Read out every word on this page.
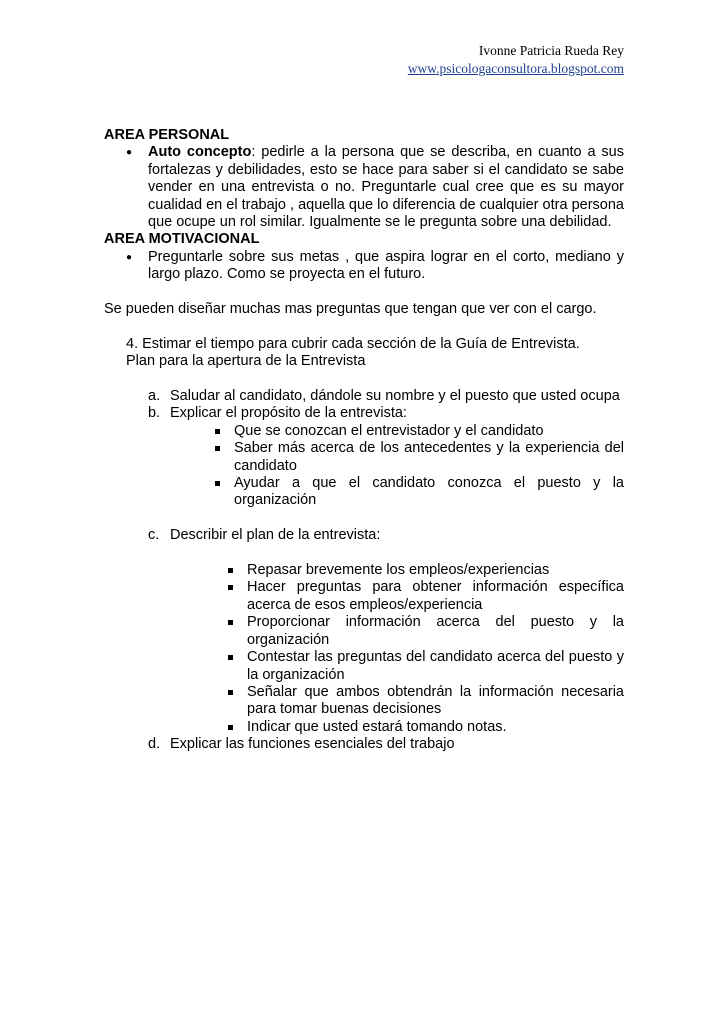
Ivonne Patricia Rueda Rey
www.psicologaconsultora.blogspot.com
AREA PERSONAL
● Auto concepto: pedirle a la persona que se describa, en cuanto a sus fortalezas y debilidades, esto se hace para saber si el candidato se sabe vender en una entrevista o no. Preguntarle cual cree que es su mayor cualidad en el trabajo , aquella que lo diferencia de cualquier otra persona que ocupe un rol similar. Igualmente se le pregunta sobre una debilidad.
AREA MOTIVACIONAL
● Preguntarle sobre sus metas , que aspira lograr en el corto, mediano y largo plazo. Como se proyecta en el futuro.
Se pueden diseñar muchas mas preguntas que tengan que ver con el cargo.
4. Estimar el tiempo para cubrir cada sección de la Guía de Entrevista.
Plan para la apertura de la Entrevista
a. Saludar al candidato, dándole su nombre y el puesto que usted ocupa
b. Explicar el propósito de la entrevista:
Que se conozcan el entrevistador y el candidato
Saber más acerca de los antecedentes y la experiencia del candidato
Ayudar a que el candidato conozca el puesto y la organización
c. Describir el plan de la entrevista:
Repasar brevemente los empleos/experiencias
Hacer preguntas para obtener información específica acerca de esos empleos/experiencia
Proporcionar información acerca del puesto y la organización
Contestar las preguntas del candidato acerca del puesto y la organización
Señalar que ambos obtendrán la información necesaria para tomar buenas decisiones
Indicar que usted estará tomando notas.
d. Explicar las funciones esenciales del trabajo
